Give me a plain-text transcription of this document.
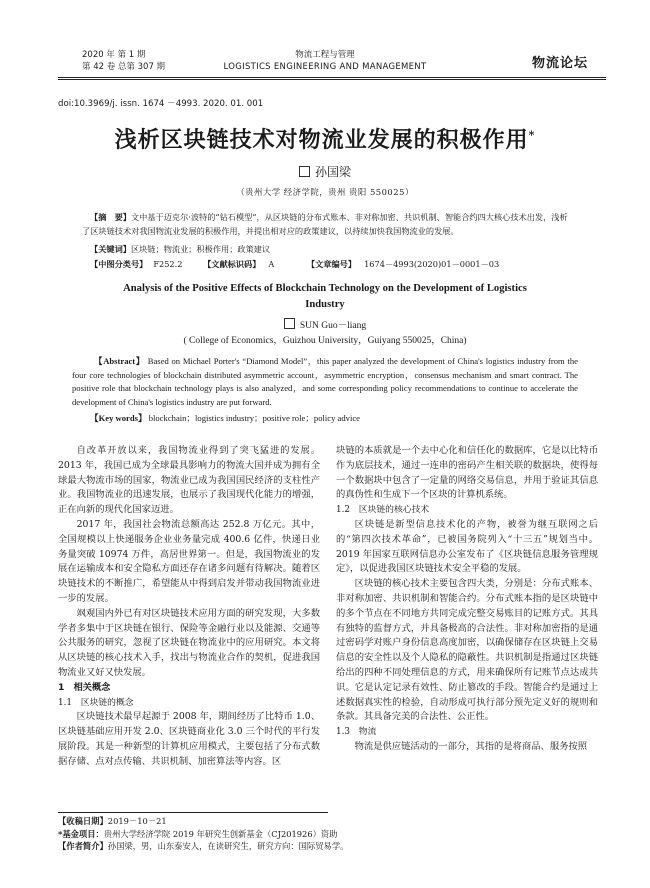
2020 年 第 1 期
第 42 卷 总第 307 期
物流工程与管理
LOGISTICS ENGINEERING AND MANAGEMENT	物流论坛
doi:10.3969/j. issn. 1674 －4993. 2020. 01. 001
浅析区块链技术对物流业发展的积极作用*
孙国梁
（贵州大学 经济学院，贵州 贵阳 550025）
【摘　要】文中基于迈克尔·波特的“钻石模型”，从区块链的分布式账本、非对称加密、共识机制、智能合约四大核心技术出发，浅析了区块链技术对我国物流业发展的积极作用，并提出相对应的政策建议，以持续加快我国物流业的发展。
【关键词】区块链；物流业；积极作用；政策建议
【中图分类号】 F252.2	【文献标识码】 A	【文章编号】 1674－4993(2020)01－0001－03
Analysis of the Positive Effects of Blockchain Technology on the Development of Logistics Industry
SUN Guo－liang
( College of Economics，Guizhou University，Guiyang 550025，China)
【Abstract】 Based on Michael Porter's “Diamond Model”，this paper analyzed the development of China's logistics industry from the four core technologies of blockchain distributed asymmetric account，asymmetric encryption，consensus mechanism and smart contract. The positive role that blockchain technology plays is also analyzed，and some corresponding policy recommendations to continue to accelerate the development of China's logistics industry are put forward.
【Key words】 blockchain；logistics industry；positive role；policy advice

自改革开放以来，我国物流业得到了突飞猛进的发展。2013 年，我国已成为全球最具影响力的物流大国并成为拥有全球最大物流市场的国家，物流业已成为我国国民经济的支柱性产业。我国物流业的迅速发展，也展示了我国现代化能力的增强，正在向新的现代化国家迈进。

2017 年，我国社会物流总额高达 252.8 万亿元。其中，全国规模以上快递服务企业业务量完成 400.6 亿件，快递日业务量突破 10974 万件，高居世界第一。但是，我国物流业的发展在运输成本和安全隐私方面还存在诸多问题有待解决。随着区块链技术的不断推广，希望能从中得到启发并带动我国物流业进一步的发展。

飒观国内外已有对区块链技术应用方面的研究发现，大多数学者多集中于区块链在银行、保险等金融行业以及能源、交通等公共服务的研究，忽视了区块链在物流业中的应用研究。本文将从区块链的核心技术入手，找出与物流业合作的契机，促进我国物流业又好又快发展。

1　相关概念

1.1　区块链的概念

区块链技术最早起源于 2008 年，期间经历了比特币 1.0、区块链基础应用开发 2.0、区块链商业化 3.0 三个时代的平行发展阶段。其是一种新型的计算机应用模式，主要包括了分布式数据存储、点对点传输、共识机制、加密算法等内容。区

块链的本质就是一个去中心化和信任化的数据库，它是以比特币作为底层技术，通过一连串的密码产生相关联的数据块，使得每一个数据块中包含了一定量的网络交易信息，并用于验证其信息的真伪性和生成下一个区块的计算机系统。

1.2　区块链的核心技术

区块链是新型信息技术化的产物，被誉为继互联网之后的“第四次技术革命”，已被国务院列入“十三五”规划当中。2019 年国家互联网信息办公室发布了《区块链信息服务管理规定》，以促进我国区块链技术安全平稳的发展。

区块链的核心技术主要包含四大类，分别是：分布式账本、非对称加密、共识机制和智能合约。分布式账本指的是区块链中的多个节点在不同地方共同完成完整交易账目的记账方式。其具有独特的监督方式，并具备极高的合法性。非对称加密指的是通过密码学对账户身份信息高度加密，以确保储存在区块链上交易信息的安全性以及个人隐私的隐蔽性。共识机制是指通过区块链给出的四种不同处理信息的方式，用来确保所有记账节点达成共识。它是认定记录有效性、防止篡改的手段。智能合约是通过上述数据真实性的检验，自动形成可执行部分预先定义好的规则和条款。其具备完美的合法性、公正性。

1.3　物流

物流是供应链活动的一部分，其指的是将商品、服务按照

【收稿日期】2019－10－21
*基金项目：贵州大学经济学院 2019 年研究生创新基金（CJ201926）资助
【作者简介】孙国梁，男，山东泰安人，在读研究生，研究方向：国际贸易学。
